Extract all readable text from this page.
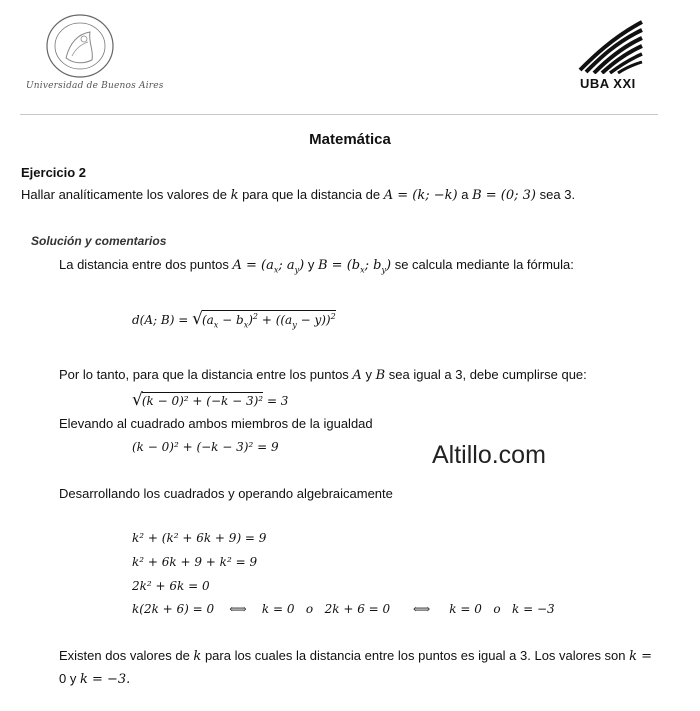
Universidad de Buenos Aires	UBA XXI
Matemática
Ejercicio 2
Hallar analíticamente los valores de k para que la distancia de A = (k; −k) a B = (0; 3) sea 3.
Solución y comentarios
La distancia entre dos puntos $A = (a_x$; $a_y$) y $B = (b_x$; $b_y$) se calcula mediante la fórmula:
d(A; $B) = √(a_x - b_x)^2 + ((a_y - y))^2$
Por lo tanto, para que la distancia entre los puntos A y B sea igual a 3, debe cumplirse que:
√(k − 0)² + (−k − 3)² = 3
Elevando al cuadrado ambos miembros de la igualdad
(k − 0)² + (−k − 3)² = 9	Altillo.com
Desarrollando los cuadrados y operando algebraicamente
k² + (k² + 6k + 9) = 9
k² + 6k + 9 + k² = 9
2k² + 6k = 0
k(2k + 6) = 0    ⟺    k = 0   o   2k + 6 = 0      ⟺     k = 0   o   k = −3
Existen dos valores de k para los cuales la distancia entre los puntos es igual a 3. Los valores son k =
0 y k = −3.
